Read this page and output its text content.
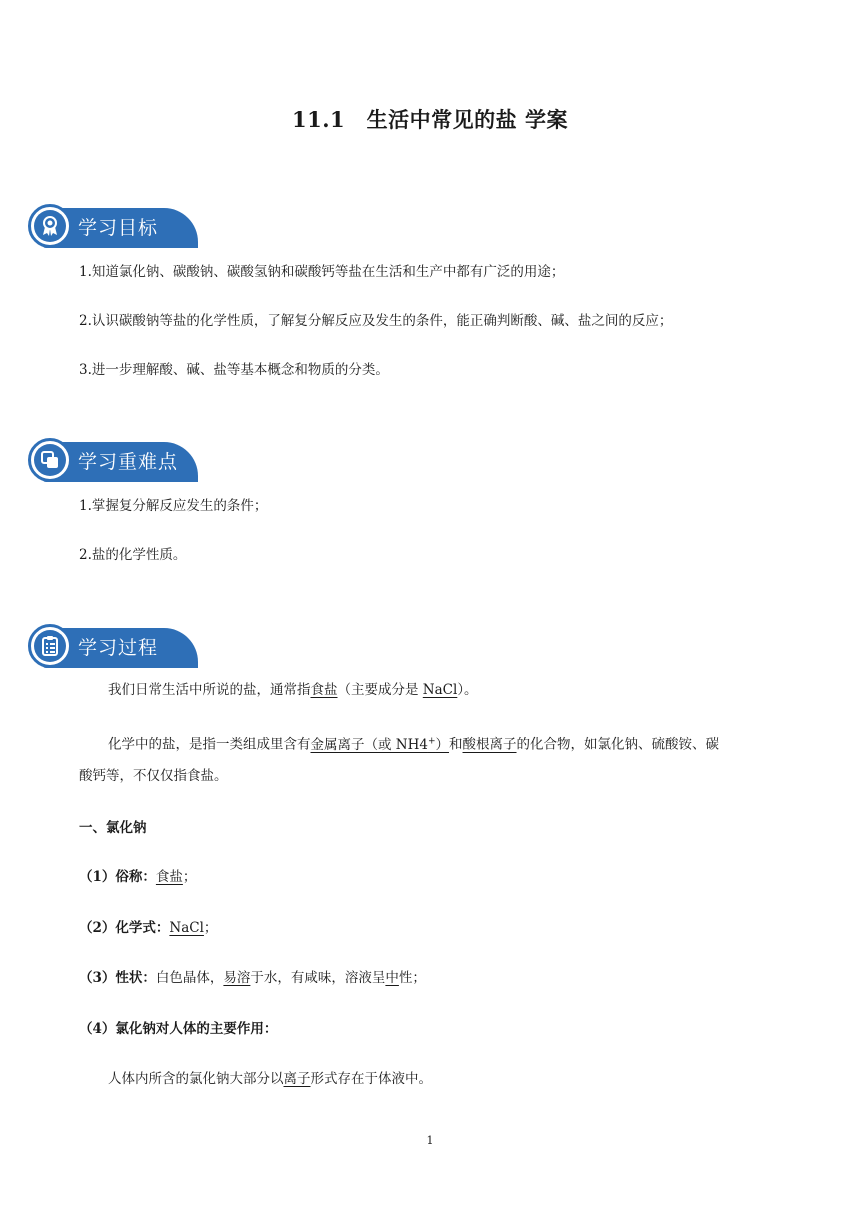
11.1　生活中常见的盐 学案
学习目标
1.知道氯化钠、碳酸钠、碳酸氢钠和碳酸钙等盐在生活和生产中都有广泛的用途；
2.认识碳酸钠等盐的化学性质，了解复分解反应及发生的条件，能正确判断酸、碱、盐之间的反应；
3.进一步理解酸、碱、盐等基本概念和物质的分类。
学习重难点
1.掌握复分解反应发生的条件；
2.盐的化学性质。
学习过程
我们日常生活中所说的盐，通常指食盐（主要成分是 NaCl）。
化学中的盐，是指一类组成里含有金属离子（或 NH4+）和酸根离子的化合物，如氯化钠、硫酸铵、碳
酸钙等，不仅仅指食盐。
一、氯化钠
（1）俗称：食盐；
（2）化学式：NaCl；
（3）性状：白色晶体，易溶于水，有咸味，溶液呈中性；
（4）氯化钠对人体的主要作用：
人体内所含的氯化钠大部分以离子形式存在于体液中。
1
